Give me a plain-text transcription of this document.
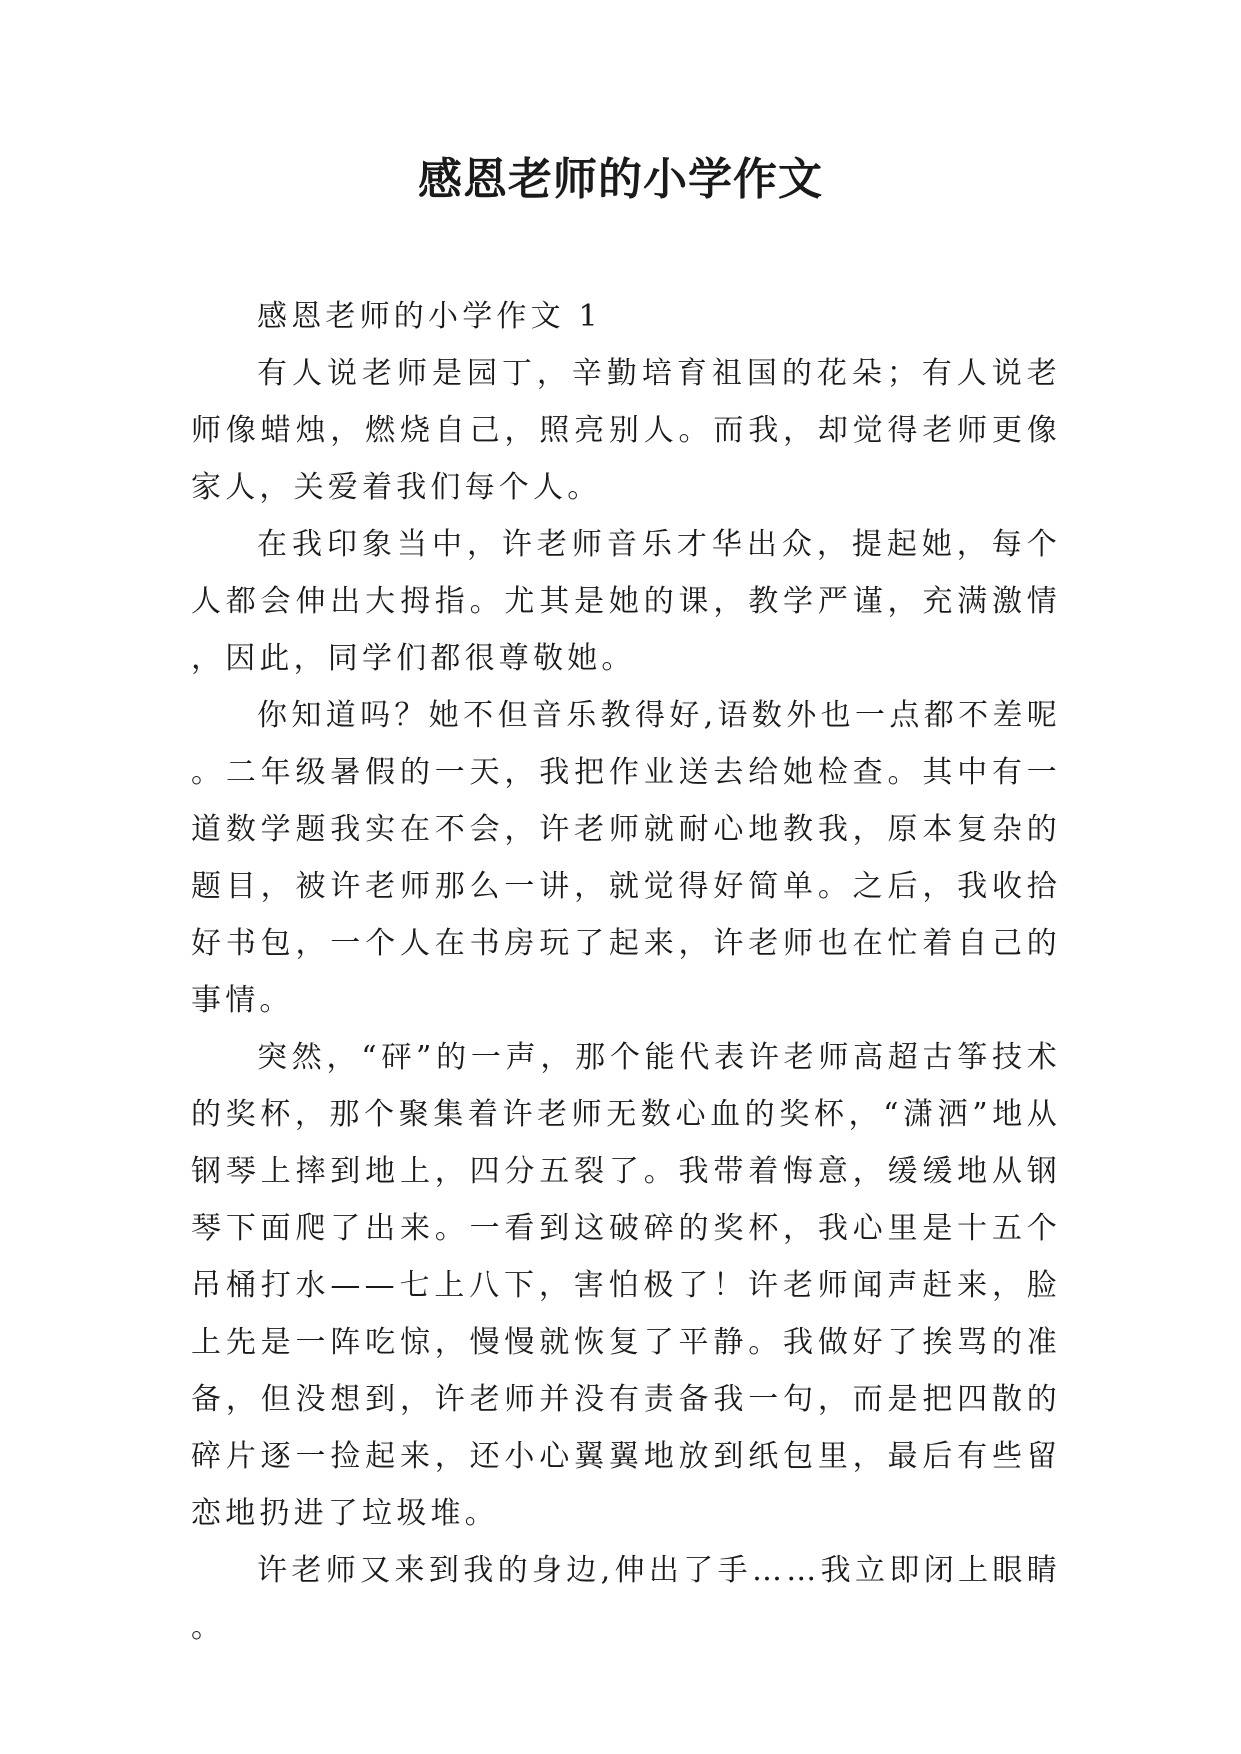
感恩老师的小学作文

感恩老师的小学作文 1

有人说老师是园丁，辛勤培育祖国的花朵；有人说老师像蜡烛，燃烧自己，照亮别人。而我，却觉得老师更像家人，关爱着我们每个人。

在我印象当中，许老师音乐才华出众，提起她，每个人都会伸出大拇指。尤其是她的课，教学严谨，充满激情，因此，同学们都很尊敬她。

你知道吗？她不但音乐教得好,语数外也一点都不差呢。二年级暑假的一天，我把作业送去给她检查。其中有一道数学题我实在不会，许老师就耐心地教我，原本复杂的题目，被许老师那么一讲，就觉得好简单。之后，我收拾好书包，一个人在书房玩了起来，许老师也在忙着自己的事情。

突然，“砰”的一声，那个能代表许老师高超古筝技术的奖杯，那个聚集着许老师无数心血的奖杯，“潇洒”地从钢琴上摔到地上，四分五裂了。我带着悔意，缓缓地从钢琴下面爬了出来。一看到这破碎的奖杯，我心里是十五个吊桶打水——七上八下，害怕极了！许老师闻声赶来，脸上先是一阵吃惊，慢慢就恢复了平静。我做好了挨骂的准备，但没想到，许老师并没有责备我一句，而是把四散的碎片逐一捡起来，还小心翼翼地放到纸包里，最后有些留恋地扔进了垃圾堆。

许老师又来到我的身边,伸出了手……我立即闭上眼睛。
